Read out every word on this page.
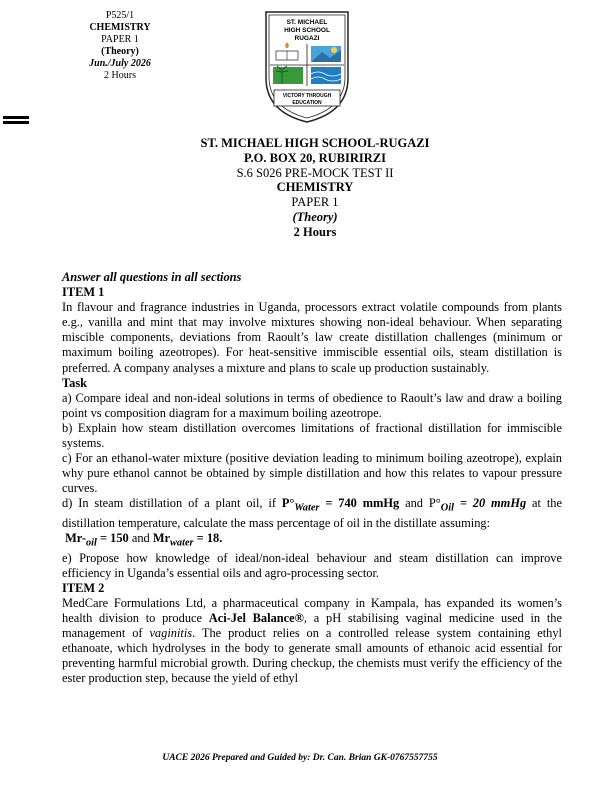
P525/1
CHEMISTRY
PAPER 1
(Theory)
Jun./July 2026
2 Hours
ST. MICHAEL
HIGH SCHOOL
RUGAZI
VICTORY THROUGH
EDUCATION
ST. MICHAEL HIGH SCHOOL-RUGAZI
P.O. BOX 20, RUBIRIRZI
S.6 S026 PRE-MOCK TEST II
CHEMISTRY
PAPER 1
(Theory)
2 Hours

Answer all questions in all sections

ITEM 1

In flavour and fragrance industries in Uganda, processors extract volatile compounds from plants e.g., vanilla and mint that may involve mixtures showing non-ideal behaviour. When separating miscible components, deviations from Raoult’s law create distillation challenges (minimum or maximum boiling azeotropes). For heat-sensitive immiscible essential oils, steam distillation is preferred. A company analyses a mixture and plans to scale up production sustainably.

Task

a) Compare ideal and non-ideal solutions in terms of obedience to Raoult’s law and draw a boiling point vs composition diagram for a maximum boiling azeotrope.

b) Explain how steam distillation overcomes limitations of fractional distillation for immiscible systems.

c) For an ethanol-water mixture (positive deviation leading to minimum boiling azeotrope), explain why pure ethanol cannot be obtained by simple distillation and how this relates to vapour pressure curves.

d) In steam distillation of a plant oil, if $P^\circ_{Water} = 740$ mmHg and $P^\circ_{Oil} = 20$ mmHg at the distillation temperature, calculate the mass percentage of oil in the distillate assuming:

$Mr-_{oil} = 150$ and $Mr_{water} = 18$.

e) Propose how knowledge of ideal/non-ideal behaviour and steam distillation can improve efficiency in Uganda’s essential oils and agro-processing sector.

ITEM 2

MedCare Formulations Ltd, a pharmaceutical company in Kampala, has expanded its women’s health division to produce Aci-Jel Balance®, a pH stabilising vaginal medicine used in the management of vaginitis. The product relies on a controlled release system containing ethyl ethanoate, which hydrolyses in the body to generate small amounts of ethanoic acid essential for preventing harmful microbial growth. During checkup, the chemists must verify the efficiency of the ester production step, because the yield of ethyl

UACE 2026 Prepared and Guided by: Dr. Can. Brian GK-0767557755
